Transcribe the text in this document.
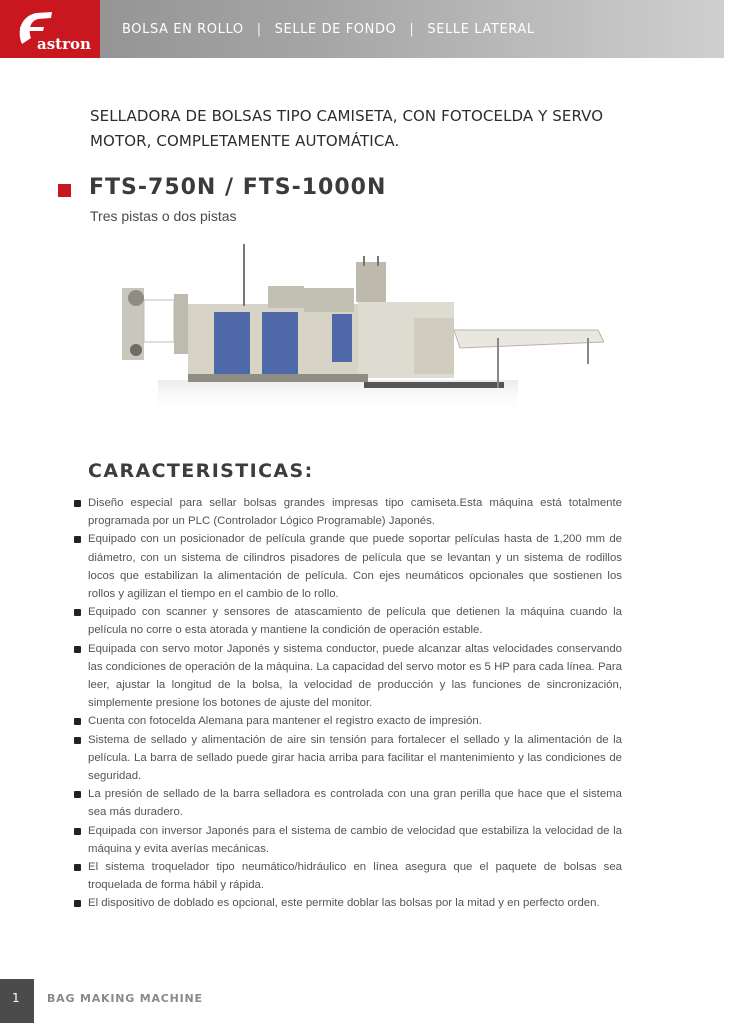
astron
BOLSA EN ROLLO | SELLE DE FONDO | SELLE LATERAL
SELLADORA DE BOLSAS TIPO CAMISETA, CON FOTOCELDA Y SERVO MOTOR, COMPLETAMENTE AUTOMÁTICA.
FTS-750N / FTS-1000N
Tres pistas o dos pistas
CARACTERISTICAS:
Diseño especial para sellar bolsas grandes impresas tipo camiseta.Esta máquina está totalmente programada por un PLC (Controlador Lógico Programable) Japonés.
Equipado con un posicionador de película grande que puede soportar películas hasta de 1,200 mm de diámetro, con un sistema de cilindros pisadores de película que se levantan y un sistema de rodillos locos que estabilizan la alimentación de película. Con ejes neumáticos opcionales que sostienen los rollos y agilizan el tiempo en el cambio de lo rollo.
Equipado con scanner y sensores de atascamiento de película que detienen la máquina cuando la película no corre o esta atorada y mantiene la condición de operación estable.
Equipada con servo motor Japonés y sistema conductor, puede alcanzar altas velocidades conservando las condiciones de operación de la máquina. La capacidad del servo motor es 5 HP para cada línea. Para leer, ajustar la longitud de la bolsa, la velocidad de producción y las funciones de sincronización, simplemente presione los botones de ajuste del monitor.
Cuenta con fotocelda Alemana para mantener el registro exacto de impresión.
Sistema de sellado y alimentación de aire sin tensión para fortalecer el sellado y la alimentación de la película. La barra de sellado puede girar hacia arriba para facilitar el mantenimiento y las condiciones de seguridad.
La presión de sellado de la barra selladora es controlada con una gran perilla que hace que el sistema sea más duradero.
Equipada con inversor Japonés para el sistema de cambio de velocidad que estabiliza la velocidad de la máquina y evita averías mecánicas.
El sistema troquelador tipo neumático/hidráulico en línea asegura que el paquete de bolsas sea troquelada de forma hábil y rápida.
El dispositivo de doblado es opcional, este permite doblar las bolsas por la mitad y en perfecto orden.
1 BAG MAKING MACHINE
